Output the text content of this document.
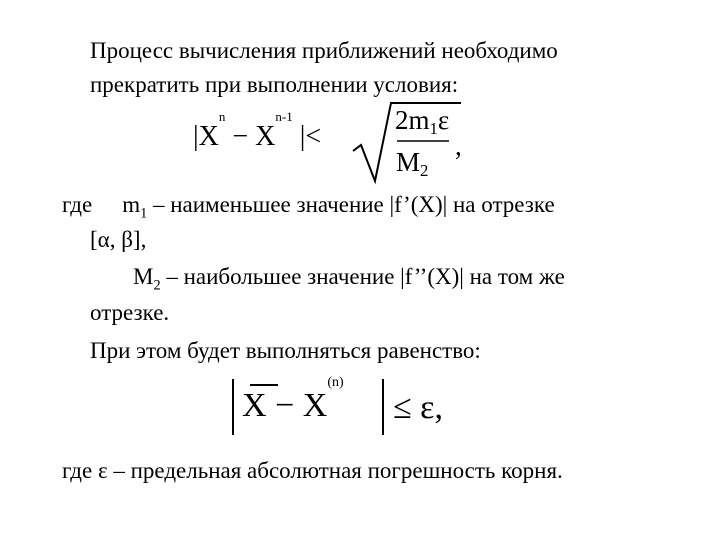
Процесс вычисления приближений необходимо
прекратить при выполнении условия:
$|X^n - X^{n-1}$ |<
2m1ε
M2
,
где $m_1$ – наименьшее значение |f’(X)| на отрезке
[α, β],
$M_2$ – наибольшее значение |f’’(X)| на том же
отрезке.
При этом будет выполняться равенство:
$X - X^{(n)}$
≤ ε,
где ε – предельная абсолютная погрешность корня.
